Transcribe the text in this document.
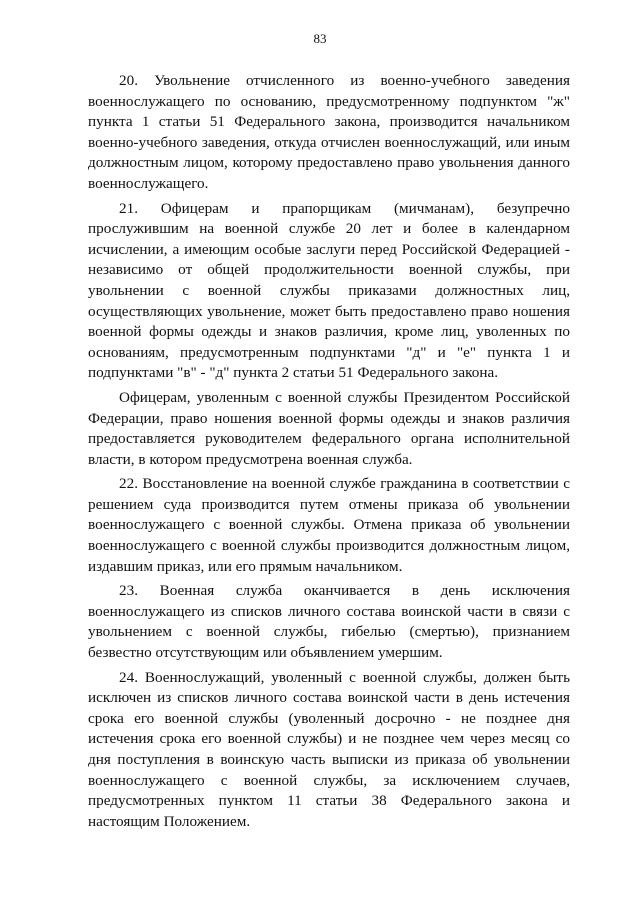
83

20. Увольнение отчисленного из военно-учебного заведения военнослужащего по основанию, предусмотренному подпунктом "ж" пункта 1 статьи 51 Федерального закона, производится начальником военно-учебного заведения, откуда отчислен военнослужащий, или иным должностным лицом, которому предоставлено право увольнения данного военнослужащего.

21. Офицерам и прапорщикам (мичманам), безупречно прослужившим на военной службе 20 лет и более в календарном исчислении, а имеющим особые заслуги перед Российской Федерацией - независимо от общей продолжительности военной службы, при увольнении с военной службы приказами должностных лиц, осуществляющих увольнение, может быть предоставлено право ношения военной формы одежды и знаков различия, кроме лиц, уволенных по основаниям, предусмотренным подпунктами "д" и "е" пункта 1 и подпунктами "в" - "д" пункта 2 статьи 51 Федерального закона.

Офицерам, уволенным с военной службы Президентом Российской Федерации, право ношения военной формы одежды и знаков различия предоставляется руководителем федерального органа исполнительной власти, в котором предусмотрена военная служба.

22. Восстановление на военной службе гражданина в соответствии с решением суда производится путем отмены приказа об увольнении военнослужащего с военной службы. Отмена приказа об увольнении военнослужащего с военной службы производится должностным лицом, издавшим приказ, или его прямым начальником.

23. Военная служба оканчивается в день исключения военнослужащего из списков личного состава воинской части в связи с увольнением с военной службы, гибелью (смертью), признанием безвестно отсутствующим или объявлением умершим.

24. Военнослужащий, уволенный с военной службы, должен быть исключен из списков личного состава воинской части в день истечения срока его военной службы (уволенный досрочно - не позднее дня истечения срока его военной службы) и не позднее чем через месяц со дня поступления в воинскую часть выписки из приказа об увольнении военнослужащего с военной службы, за исключением случаев, предусмотренных пунктом 11 статьи 38 Федерального закона и настоящим Положением.
